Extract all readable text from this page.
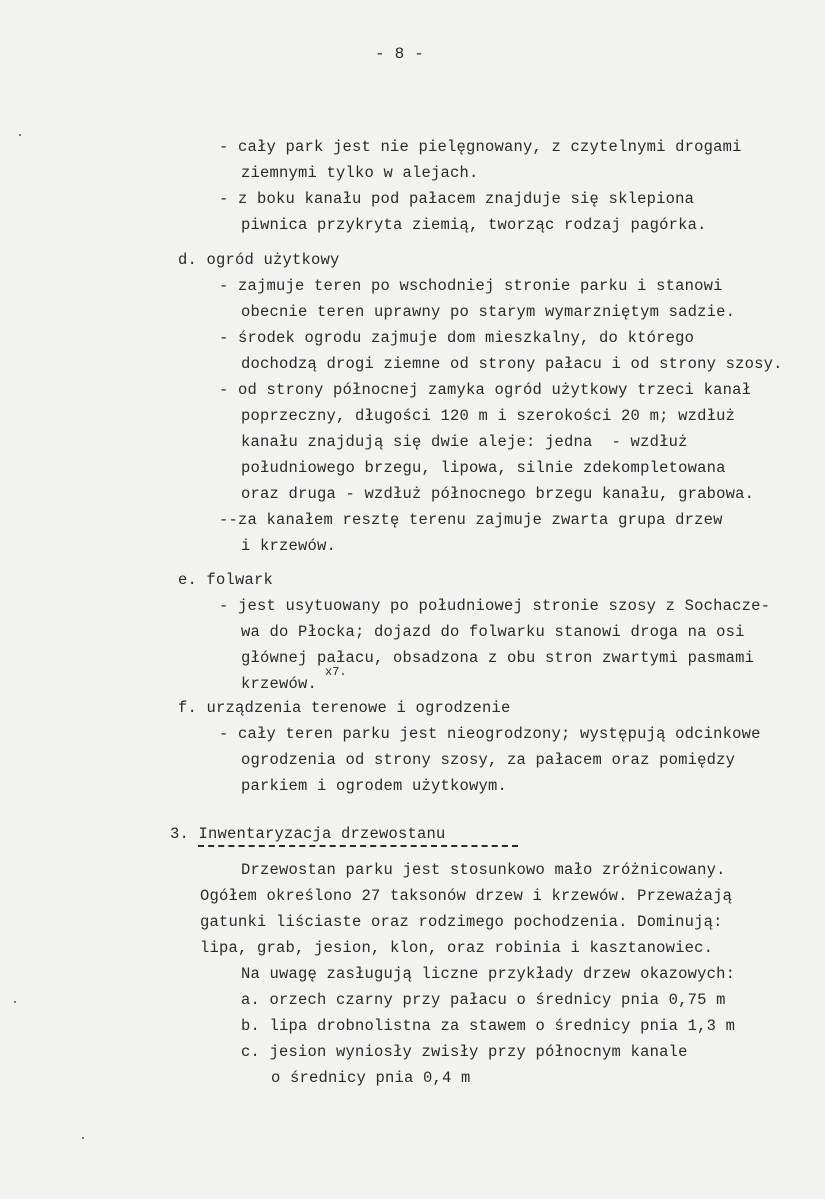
- 8 -
- cały park jest nie pielęgnowany, z czytelnymi drogami
ziemnymi tylko w alejach.
- z boku kanału pod pałacem znajduje się sklepiona
piwnica przykryta ziemią, tworząc rodzaj pagórka.
d. ogród użytkowy
- zajmuje teren po wschodniej stronie parku i stanowi
obecnie teren uprawny po starym wymarzniętym sadzie.
- środek ogrodu zajmuje dom mieszkalny, do którego
dochodzą drogi ziemne od strony pałacu i od strony szosy.
- od strony północnej zamyka ogród użytkowy trzeci kanał
poprzeczny, długości 120 m i szerokości 20 m; wzdłuż
kanału znajdują się dwie aleje: jedna  - wzdłuż
południowego brzegu, lipowa, silnie zdekompletowana
oraz druga - wzdłuż północnego brzegu kanału, grabowa.
--za kanałem resztę terenu zajmuje zwarta grupa drzew
i krzewów.
e. folwark
- jest usytuowany po południowej stronie szosy z Sochacze-
wa do Płocka; dojazd do folwarku stanowi droga na osi
głównej pałacu, obsadzona z obu stron zwartymi pasmami
krzewów.
x7.
f. urządzenia terenowe i ogrodzenie
- cały teren parku jest nieogrodzony; występują odcinkowe
ogrodzenia od strony szosy, za pałacem oraz pomiędzy
parkiem i ogrodem użytkowym.
3. Inwentaryzacja drzewostanu
Drzewostan parku jest stosunkowo mało zróżnicowany.
Ogółem określono 27 taksonów drzew i krzewów. Przeważają
gatunki liściaste oraz rodzimego pochodzenia. Dominują:
lipa, grab, jesion, klon, oraz robinia i kasztanowiec.
Na uwagę zasługują liczne przykłady drzew okazowych:
a. orzech czarny przy pałacu o średnicy pnia 0,75 m
b. lipa drobnolistna za stawem o średnicy pnia 1,3 m
c. jesion wyniosły zwisły przy północnym kanale
o średnicy pnia 0,4 m
